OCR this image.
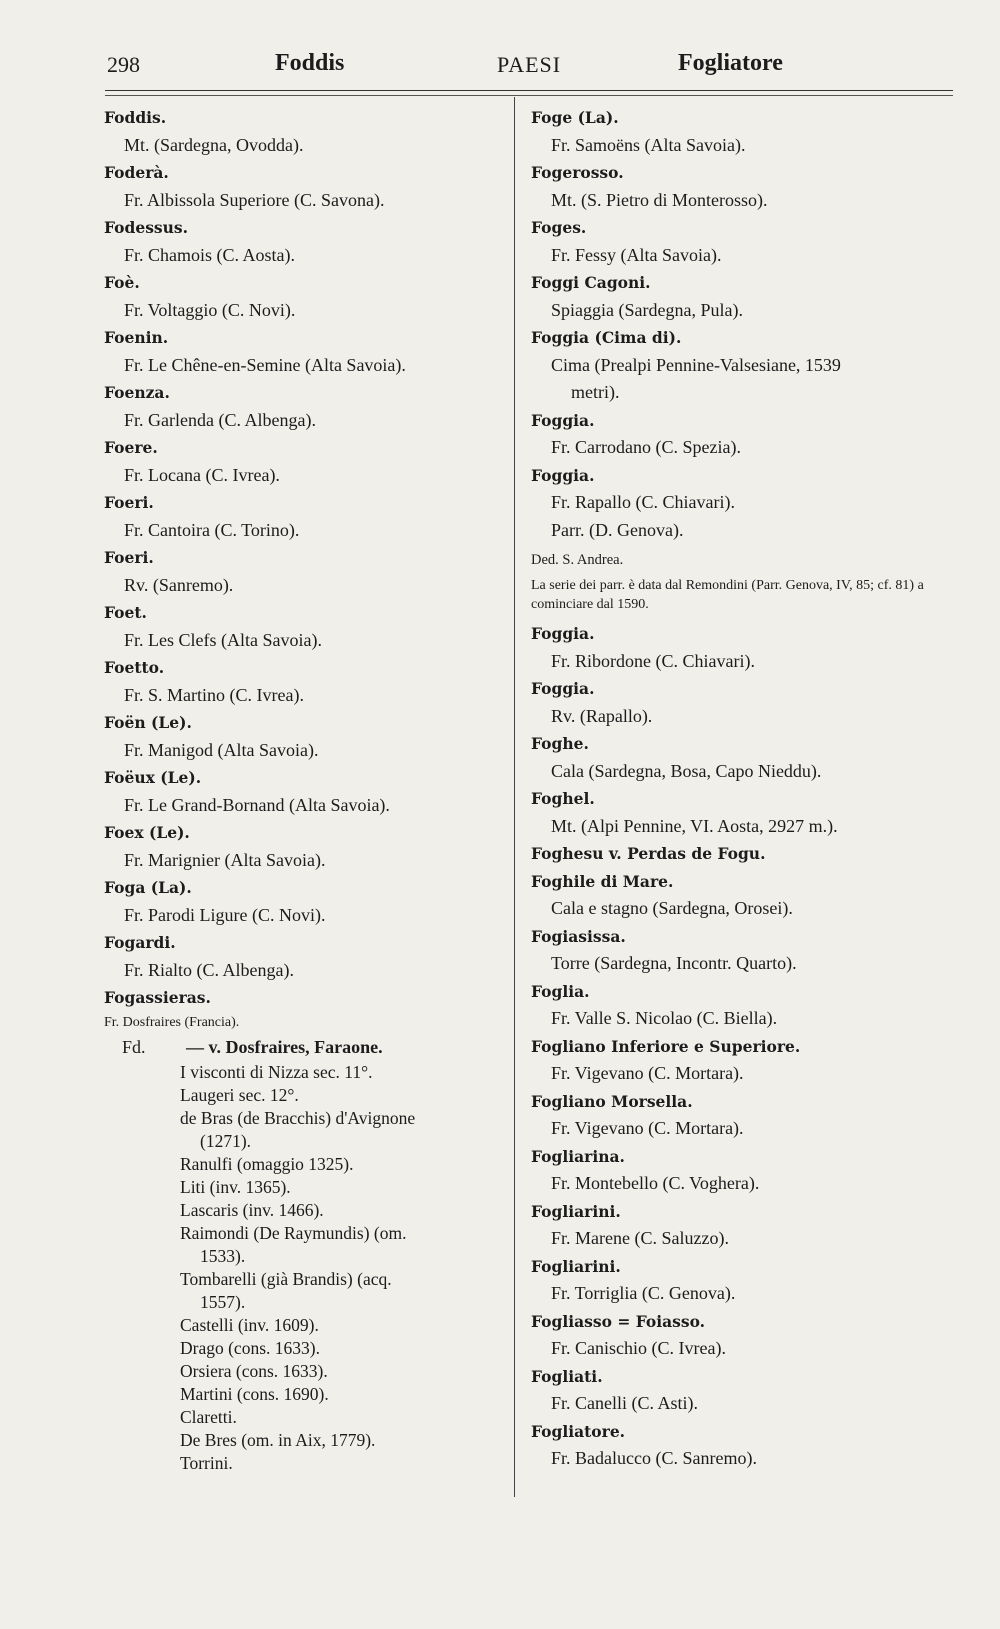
298	Foddis	PAESI	Fogliatore
Foddis.
Mt. (Sardegna, Ovodda).
Foderà.
Fr. Albissola Superiore (C. Savona).
Fodessus.
Fr. Chamois (C. Aosta).
Foè.
Fr. Voltaggio (C. Novi).
Foenin.
Fr. Le Chêne-en-Semine (Alta Savoia).
Foenza.
Fr. Garlenda (C. Albenga).
Foere.
Fr. Locana (C. Ivrea).
Foeri.
Fr. Cantoira (C. Torino).
Foeri.
Rv. (Sanremo).
Foet.
Fr. Les Clefs (Alta Savoia).
Foetto.
Fr. S. Martino (C. Ivrea).
Foën (Le).
Fr. Manigod (Alta Savoia).
Foëux (Le).
Fr. Le Grand-Bornand (Alta Savoia).
Foex (Le).
Fr. Marignier (Alta Savoia).
Foga (La).
Fr. Parodi Ligure (C. Novi).
Fogardi.
Fr. Rialto (C. Albenga).
Fogassieras.
Fr. Dosfraires (Francia).
Fd. — v. Dosfraires, Faraone.
I visconti di Nizza sec. 11°.
Laugeri sec. 12°.
de Bras (de Bracchis) d'Avignone
(1271).
Ranulfi (omaggio 1325).
Liti (inv. 1365).
Lascaris (inv. 1466).
Raimondi (De Raymundis) (om.
1533).
Tombarelli (già Brandis) (acq.
1557).
Castelli (inv. 1609).
Drago (cons. 1633).
Orsiera (cons. 1633).
Martini (cons. 1690).
Claretti.
De Bres (om. in Aix, 1779).
Torrini.
Foge (La).
Fr. Samoëns (Alta Savoia).
Fogerosso.
Mt. (S. Pietro di Monterosso).
Foges.
Fr. Fessy (Alta Savoia).
Foggi Cagoni.
Spiaggia (Sardegna, Pula).
Foggia (Cima di).
Cima (Prealpi Pennine-Valsesiane, 1539
metri).
Foggia.
Fr. Carrodano (C. Spezia).
Foggia.
Fr. Rapallo (C. Chiavari).
Parr. (D. Genova).
Ded. S. Andrea.
La serie dei parr. è data dal Remondini (Parr. Genova, IV, 85; cf. 81) a cominciare dal 1590.
Foggia.
Fr. Ribordone (C. Chiavari).
Foggia.
Rv. (Rapallo).
Foghe.
Cala (Sardegna, Bosa, Capo Nieddu).
Foghel.
Mt. (Alpi Pennine, VI. Aosta, 2927 m.).
Foghesu v. Perdas de Fogu.
Foghile di Mare.
Cala e stagno (Sardegna, Orosei).
Fogiasissa.
Torre (Sardegna, Incontr. Quarto).
Foglia.
Fr. Valle S. Nicolao (C. Biella).
Fogliano Inferiore e Superiore.
Fr. Vigevano (C. Mortara).
Fogliano Morsella.
Fr. Vigevano (C. Mortara).
Fogliarina.
Fr. Montebello (C. Voghera).
Fogliarini.
Fr. Marene (C. Saluzzo).
Fogliarini.
Fr. Torriglia (C. Genova).
Fogliasso = Foiasso.
Fr. Canischio (C. Ivrea).
Fogliati.
Fr. Canelli (C. Asti).
Fogliatore.
Fr. Badalucco (C. Sanremo).
